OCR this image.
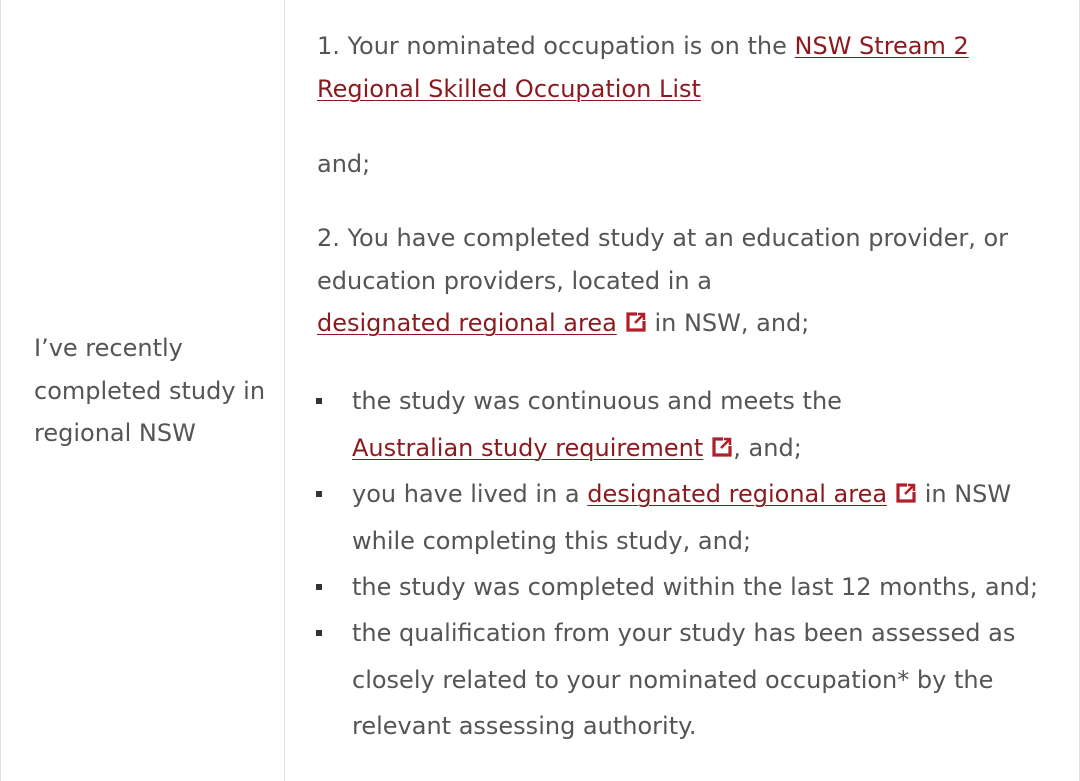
I’ve recently completed study in regional NSW
1. Your nominated occupation is on the NSW Stream 2 Regional Skilled Occupation List
and;
2. You have completed study at an education provider, or education providers, located in a
designated regional area in NSW, and;
the study was continuous and meets the
Australian study requirement , and;
you have lived in a designated regional area in NSW while completing this study, and;
the study was completed within the last 12 months, and;
the qualification from your study has been assessed as closely related to your nominated occupation* by the relevant assessing authority.
